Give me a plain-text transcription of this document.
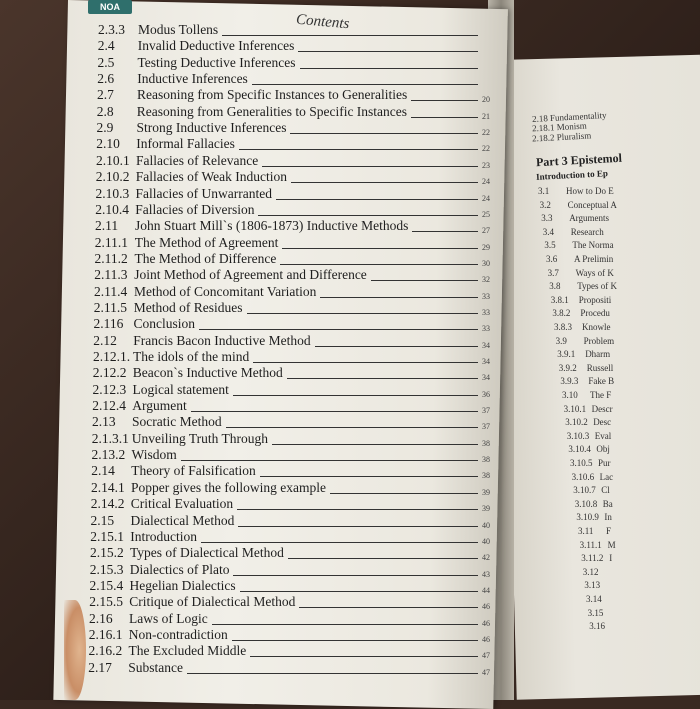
NOA
Contents
2.3.3 Modus Tollens
2.4 Invalid Deductive Inferences
2.5 Testing Deductive Inferences
2.6 Inductive Inferences
2.7 Reasoning from Specific Instances to Generalities	20
2.8 Reasoning from Generalities to Specific Instances	21
2.9 Strong Inductive Inferences	22
2.10 Informal Fallacies	22
2.10.1 Fallacies of Relevance	23
2.10.2 Fallacies of Weak Induction	24
2.10.3 Fallacies of Unwarranted	24
2.10.4 Fallacies of Diversion	25
2.11 John Stuart Mill`s (1806-1873) Inductive Methods	27
2.11.1 The Method of Agreement	29
2.11.2 The Method of Difference	30
2.11.3 Joint Method of Agreement and Difference	32
2.11.4 Method of Concomitant Variation	33
2.11.5 Method of Residues	33
2.116 Conclusion	33
2.12 Francis Bacon Inductive Method	34
2.12.1. The idols of the mind	34
2.12.2 Beacon`s Inductive Method	34
2.12.3 Logical statement	36
2.12.4 Argument	37
2.13 Socratic Method	37
2.1.3.1 Unveiling Truth Through	38
2.13.2 Wisdom	38
2.14 Theory of Falsification	38
2.14.1 Popper gives the following example	39
2.14.2 Critical Evaluation	39
2.15 Dialectical Method	40
2.15.1 Introduction	40
2.15.2 Types of Dialectical Method	42
2.15.3 Dialectics of Plato	43
2.15.4 Hegelian Dialectics	44
2.15.5 Critique of Dialectical Method	46
2.16 Laws of Logic	46
2.16.1 Non-contradiction	46
2.16.2 The Excluded Middle	47
2.17 Substance	47
Part 3 Epistemol
Introduction to Ep
2.18 Fundamentality
2.18.1 Monism
2.18.2 Pluralism
3.1 How to Do E
3.2 Conceptual A
3.3 Arguments
3.4 Research
3.5 The Norma
3.6 A Prelimin
3.7 Ways of K
3.8 Types of K
3.8.1 Propositi
3.8.2 Procedu
3.8.3 Knowle
3.9 Problem
3.9.1 Dharm
3.9.2 Russell
3.9.3 Fake B
3.10 The F
3.10.1 Descr
3.10.2 Desc
3.10.3 Eval
3.10.4 Obj
3.10.5 Pur
3.10.6 Lac
3.10.7 Cl
3.10.8 Ba
3.10.9 In
3.11 F
3.11.1 M
3.11.2 I
3.12
3.13
3.14
3.15
3.16
